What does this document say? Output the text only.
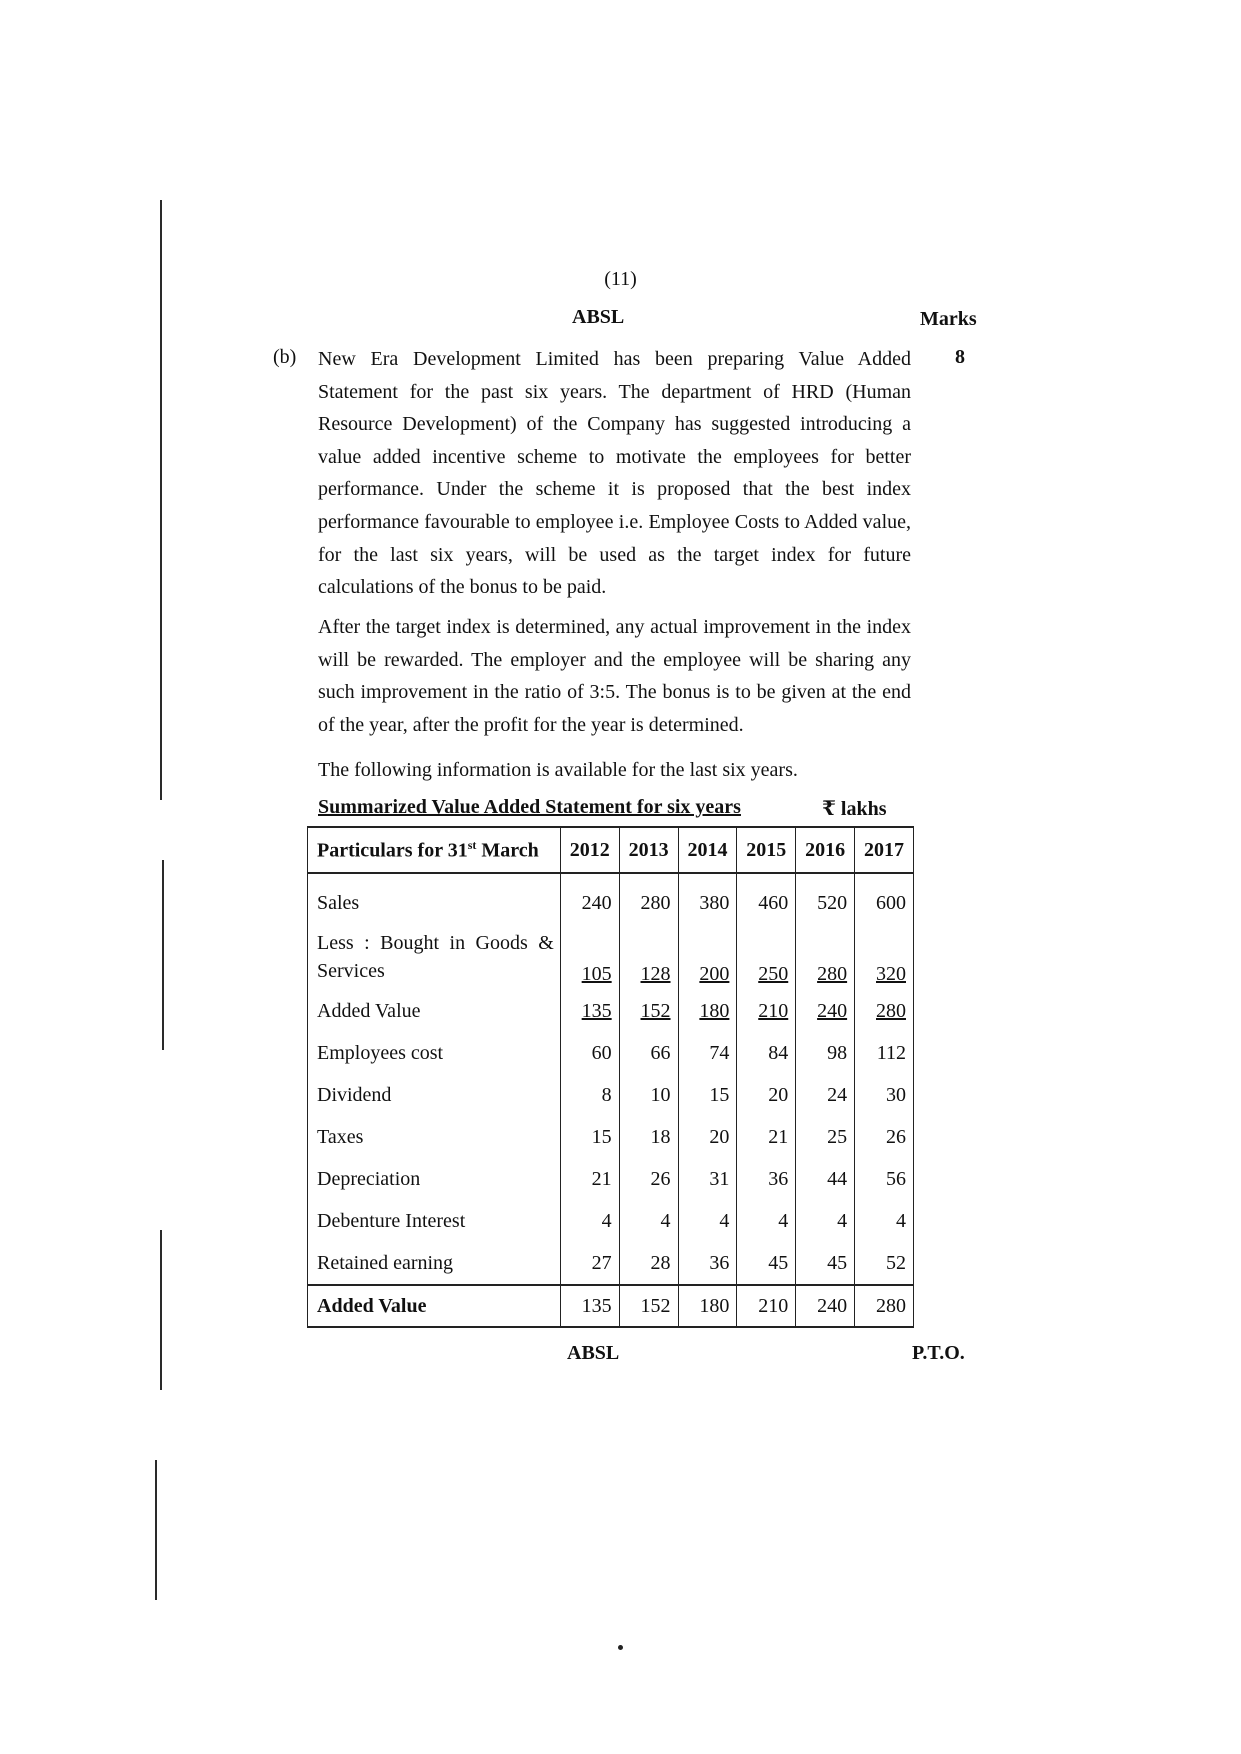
(11)
ABSL	Marks
(b)	8

New Era Development Limited has been preparing Value Added Statement for the past six years. The department of HRD (Human Resource Development) of the Company has suggested introducing a value added incentive scheme to motivate the employees for better performance. Under the scheme it is proposed that the best index performance favourable to employee i.e. Employee Costs to Added value, for the last six years, will be used as the target index for future calculations of the bonus to be paid.

After the target index is determined, any actual improvement in the index will be rewarded. The employer and the employee will be sharing any such improvement in the ratio of 3:5. The bonus is to be given at the end of the year, after the profit for the year is determined.

The following information is available for the last six years.

Summarized Value Added Statement for six years	₹ lakhs
Particulars for 31st March	2012	2013	2014	2015	2016	2017
Sales	240	280	380	460	520	600
Less : Bought in Goods & Services	105	128	200	250	280	320
Added Value	135	152	180	210	240	280
Employees cost	60	66	74	84	98	112
Dividend	8	10	15	20	24	30
Taxes	15	18	20	21	25	26
Depreciation	21	26	31	36	44	56
Debenture Interest	4	4	4	4	4	4
Retained earning	27	28	36	45	45	52
Added Value	135	152	180	210	240	280
ABSL	P.T.O.
